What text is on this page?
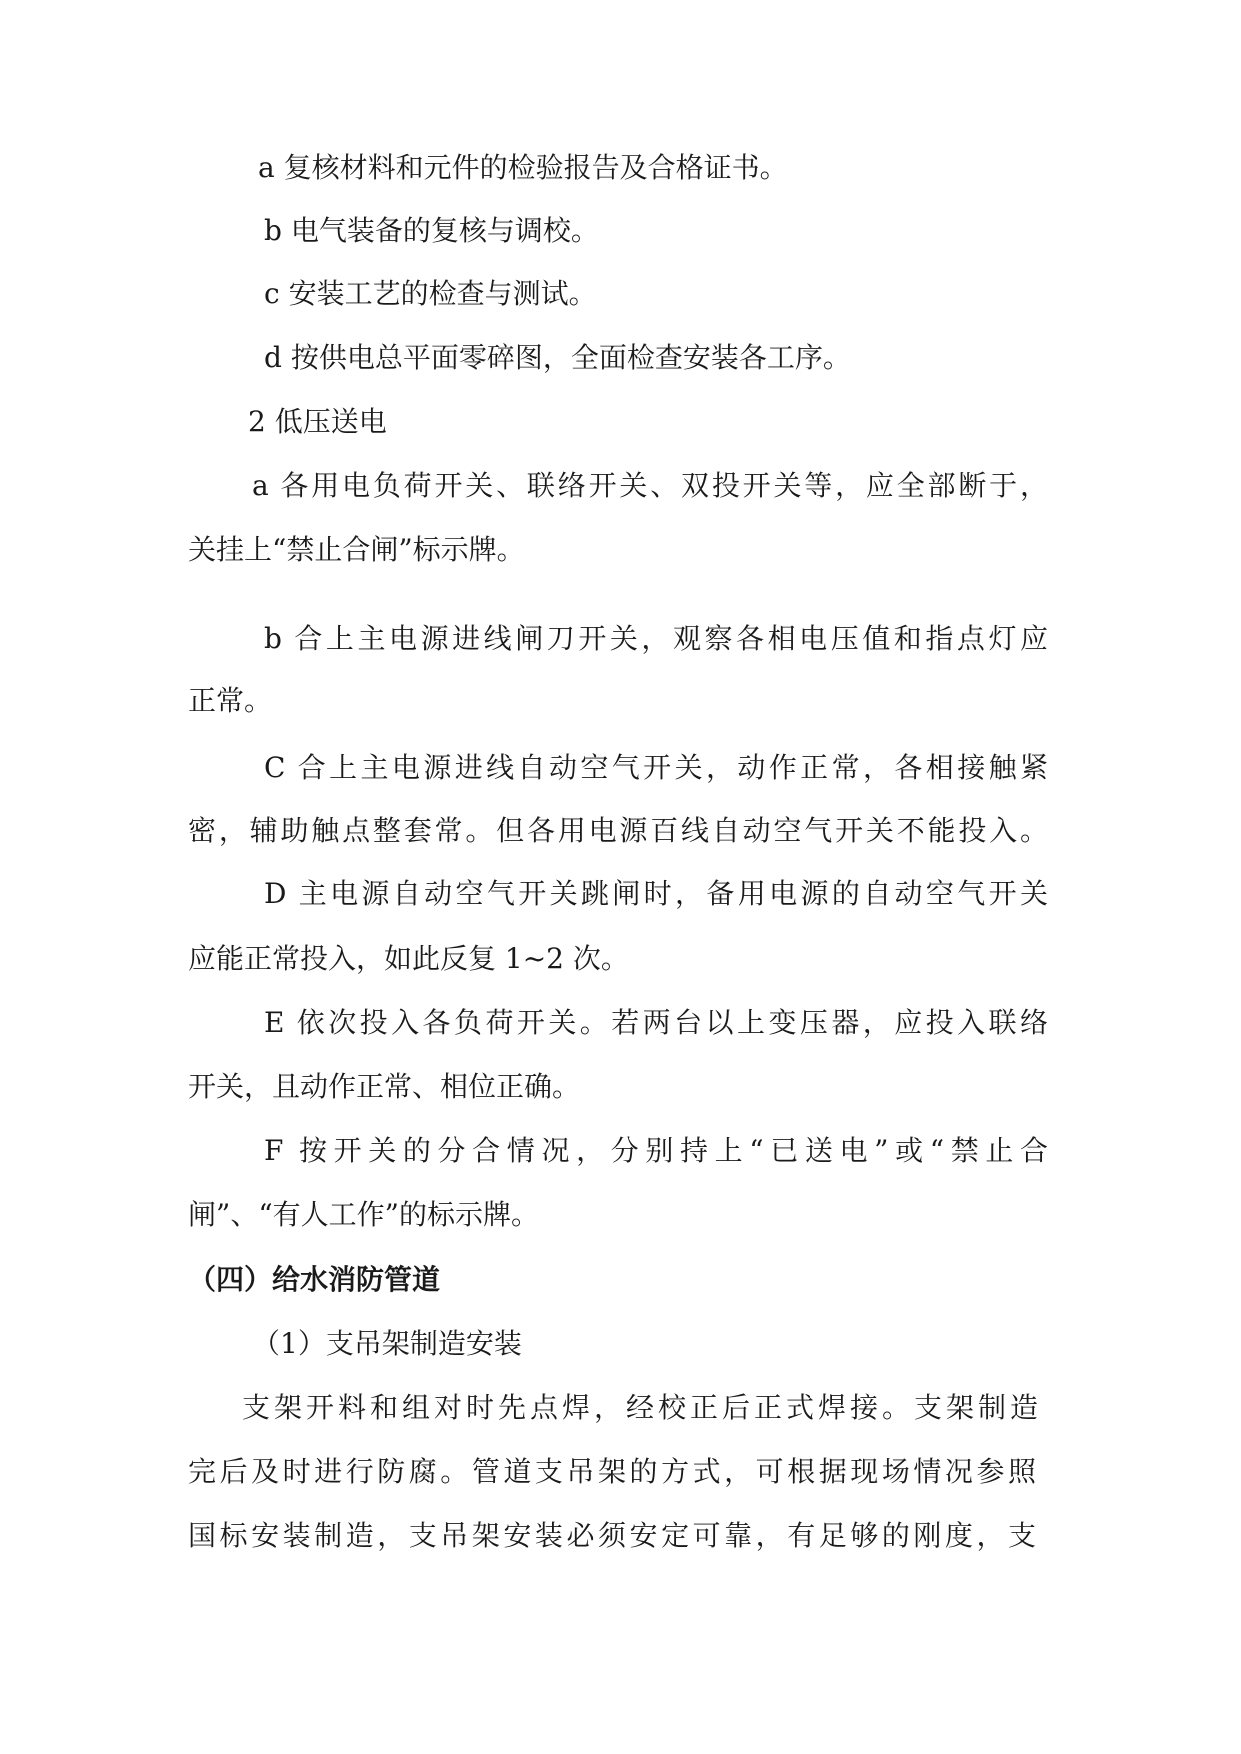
a 复核材料和元件的检验报告及合格证书。
b 电气装备的复核与调校。
c 安装工艺的检查与测试。
d 按供电总平面零碎图，全面检查安装各工序。
2 低压送电
a 各用电负荷开关、联络开关、双投开关等，应全部断于，
关挂上“禁止合闸”标示牌。
b 合上主电源进线闸刀开关，观察各相电压值和指点灯应
正常。
C 合上主电源进线自动空气开关，动作正常，各相接触紧
密，辅助触点整套常。但各用电源百线自动空气开关不能投入。
D 主电源自动空气开关跳闸时，备用电源的自动空气开关
应能正常投入，如此反复 1~2 次。
E 依次投入各负荷开关。若两台以上变压器，应投入联络
开关，且动作正常、相位正确。
F 按开关的分合情况，分别持上“已送电”或“禁止合
闸”、“有人工作”的标示牌。
（四）给水消防管道
（1）支吊架制造安装
支架开料和组对时先点焊，经校正后正式焊接。支架制造
完后及时进行防腐。管道支吊架的方式，可根据现场情况参照
国标安装制造，支吊架安装必须安定可靠，有足够的刚度，支
